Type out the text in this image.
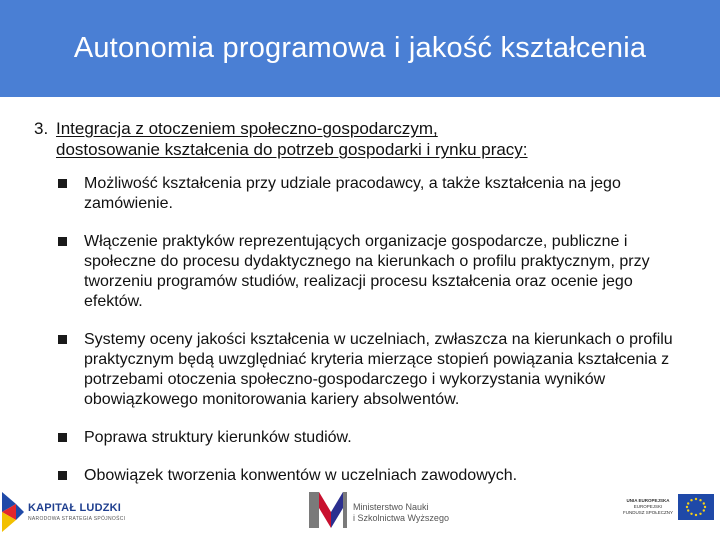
Autonomia programowa i jakość kształcenia
3. Integracja z otoczeniem społeczno-gospodarczym,
dostosowanie kształcenia do potrzeb gospodarki i rynku pracy:
Możliwość kształcenia przy udziale pracodawcy, a także kształcenia na jego zamówienie.
Włączenie praktyków reprezentujących organizacje gospodarcze, publiczne i społeczne do procesu dydaktycznego na kierunkach o profilu praktycznym, przy tworzeniu programów studiów, realizacji procesu kształcenia oraz ocenie jego efektów.
Systemy oceny jakości kształcenia w uczelniach, zwłaszcza na kierunkach o profilu praktycznym będą uwzględniać kryteria mierzące stopień powiązania kształcenia z potrzebami otoczenia społeczno-gospodarczego i wykorzystania wyników obowiązkowego monitorowania kariery absolwentów.
Poprawa struktury kierunków studiów.
Obowiązek tworzenia konwentów w uczelniach zawodowych.
KAPITAŁ LUDZKI
NARODOWA STRATEGIA SPÓJNOŚCI
Ministerstwo Nauki
i Szkolnictwa Wyższego
UNIA EUROPEJSKA
EUROPEJSKI
FUNDUSZ SPOŁECZNY
